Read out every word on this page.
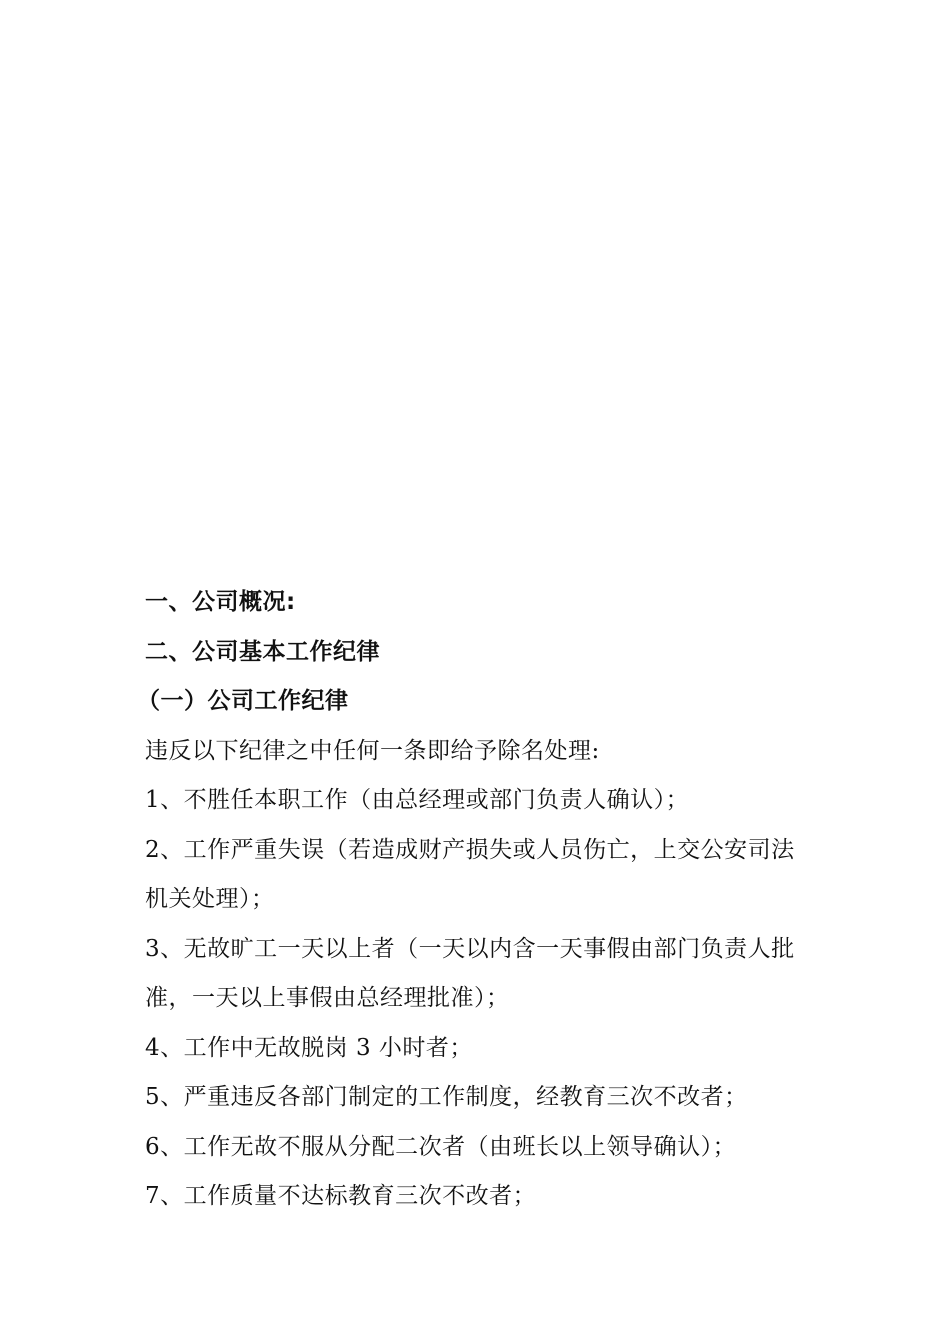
一、公司概况:
二、公司基本工作纪律
（一）公司工作纪律
违反以下纪律之中任何一条即给予除名处理:
1、不胜任本职工作（由总经理或部门负责人确认）；
2、工作严重失误（若造成财产损失或人员伤亡，上交公安司法
机关处理）；
3、无故旷工一天以上者（一天以内含一天事假由部门负责人批
准，一天以上事假由总经理批准）；
4、工作中无故脱岗 3 小时者；
5、严重违反各部门制定的工作制度，经教育三次不改者；
6、工作无故不服从分配二次者（由班长以上领导确认）；
7、工作质量不达标教育三次不改者；
